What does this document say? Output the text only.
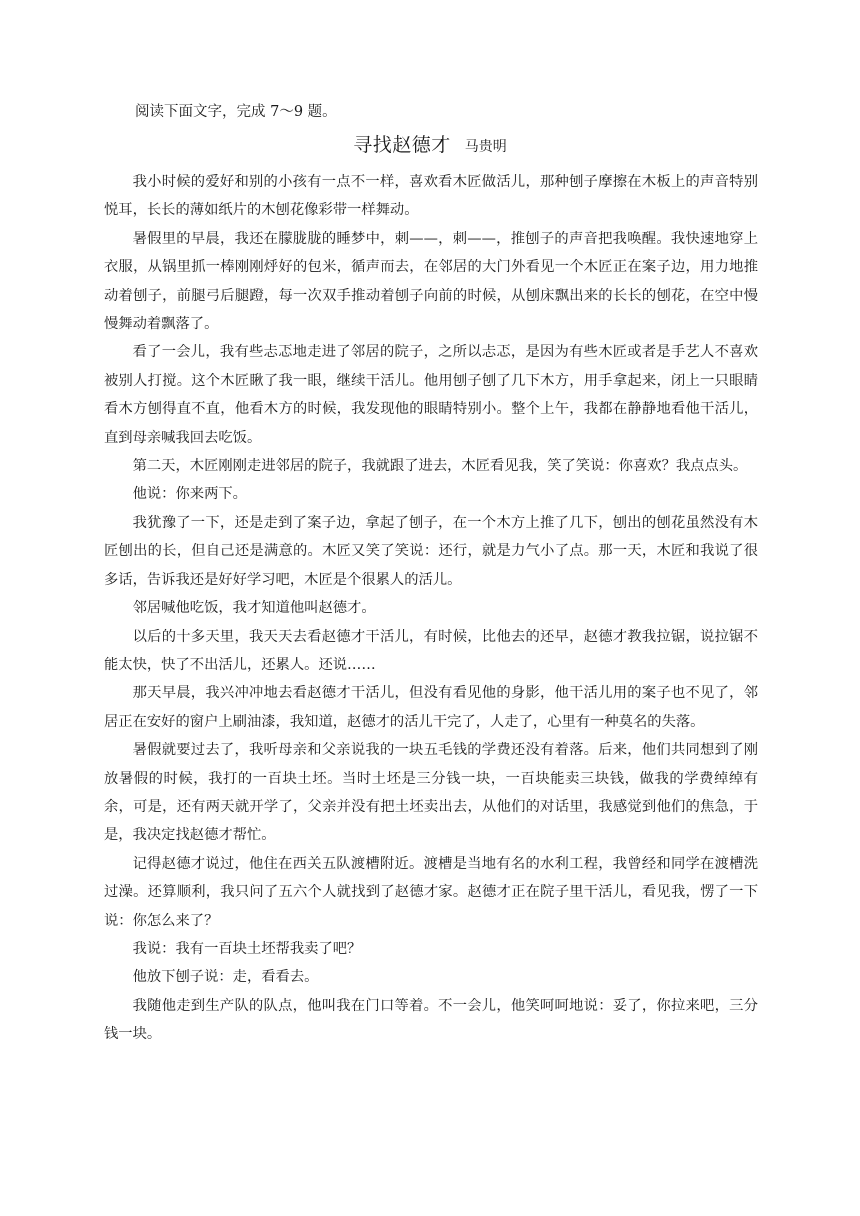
阅读下面文字，完成 7～9 题。
寻找赵德才 马贵明

我小时候的爱好和别的小孩有一点不一样，喜欢看木匠做活儿，那种刨子摩擦在木板上的声音特别悦耳，长长的薄如纸片的木刨花像彩带一样舞动。

暑假里的早晨，我还在朦胧胧的睡梦中，刺——，刺——，推刨子的声音把我唤醒。我快速地穿上衣服，从锅里抓一棒刚刚烀好的包米，循声而去，在邻居的大门外看见一个木匠正在案子边，用力地推动着刨子，前腿弓后腿蹬，每一次双手推动着刨子向前的时候，从刨床飘出来的长长的刨花，在空中慢慢舞动着飘落了。

看了一会儿，我有些忐忑地走进了邻居的院子，之所以忐忑，是因为有些木匠或者是手艺人不喜欢被别人打搅。这个木匠瞅了我一眼，继续干活儿。他用刨子刨了几下木方，用手拿起来，闭上一只眼睛看木方刨得直不直，他看木方的时候，我发现他的眼睛特别小。整个上午，我都在静静地看他干活儿，直到母亲喊我回去吃饭。

第二天，木匠刚刚走进邻居的院子，我就跟了进去，木匠看见我，笑了笑说：你喜欢？我点点头。

他说：你来两下。

我犹豫了一下，还是走到了案子边，拿起了刨子，在一个木方上推了几下，刨出的刨花虽然没有木匠刨出的长，但自己还是满意的。木匠又笑了笑说：还行，就是力气小了点。那一天，木匠和我说了很多话，告诉我还是好好学习吧，木匠是个很累人的活儿。

邻居喊他吃饭，我才知道他叫赵德才。

以后的十多天里，我天天去看赵德才干活儿，有时候，比他去的还早，赵德才教我拉锯，说拉锯不能太快，快了不出活儿，还累人。还说……

那天早晨，我兴冲冲地去看赵德才干活儿，但没有看见他的身影，他干活儿用的案子也不见了，邻居正在安好的窗户上刷油漆，我知道，赵德才的活儿干完了，人走了，心里有一种莫名的失落。

暑假就要过去了，我听母亲和父亲说我的一块五毛钱的学费还没有着落。后来，他们共同想到了刚放暑假的时候，我打的一百块土坯。当时土坯是三分钱一块，一百块能卖三块钱，做我的学费绰绰有余，可是，还有两天就开学了，父亲并没有把土坯卖出去，从他们的对话里，我感觉到他们的焦急，于是，我决定找赵德才帮忙。

记得赵德才说过，他住在西关五队渡槽附近。渡槽是当地有名的水利工程，我曾经和同学在渡槽洗过澡。还算顺利，我只问了五六个人就找到了赵德才家。赵德才正在院子里干活儿，看见我，愣了一下说：你怎么来了？

我说：我有一百块土坯帮我卖了吧？

他放下刨子说：走，看看去。

我随他走到生产队的队点，他叫我在门口等着。不一会儿，他笑呵呵地说：妥了，你拉来吧，三分钱一块。
